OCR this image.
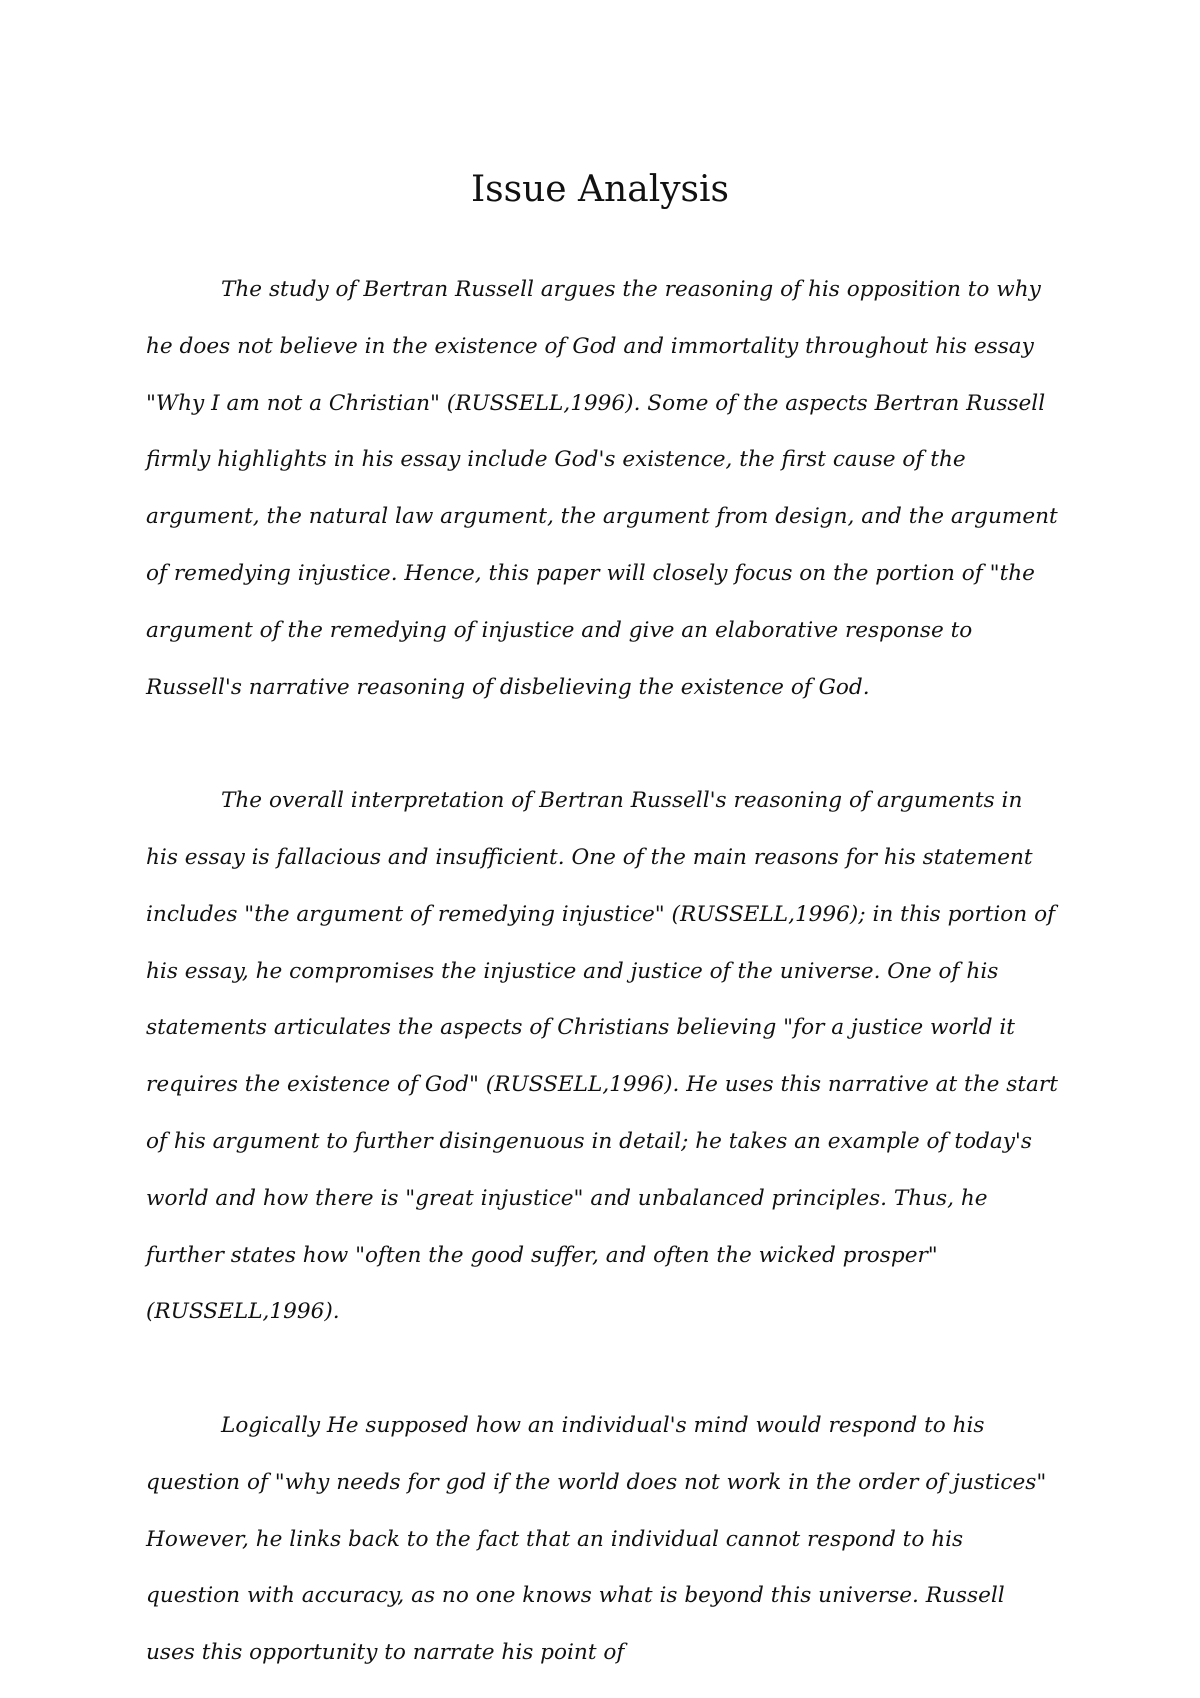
Issue Analysis

The study of Bertran Russell argues the reasoning of his opposition to why he does not believe in the existence of God and immortality throughout his essay "Why I am not a Christian" (RUSSELL,1996). Some of the aspects Bertran Russell firmly highlights in his essay include God's existence, the first cause of the argument, the natural law argument, the argument from design, and the argument of remedying injustice. Hence, this paper will closely focus on the portion of "the argument of the remedying of injustice and give an elaborative response to Russell's narrative reasoning of disbelieving the existence of God.

The overall interpretation of Bertran Russell's reasoning of arguments in his essay is fallacious and insufficient. One of the main reasons for his statement includes "the argument of remedying injustice" (RUSSELL,1996); in this portion of his essay, he compromises the injustice and justice of the universe. One of his statements articulates the aspects of Christians believing "for a justice world it requires the existence of God" (RUSSELL,1996). He uses this narrative at the start of his argument to further disingenuous in detail; he takes an example of today's world and how there is "great injustice" and unbalanced principles. Thus, he further states how "often the good suffer, and often the wicked prosper" (RUSSELL,1996).

Logically He supposed how an individual's mind would respond to his question of "why needs for god if the world does not work in the order of justices" However, he links back to the fact that an individual cannot respond to his question with accuracy, as no one knows what is beyond this universe. Russell uses this opportunity to narrate his point of
